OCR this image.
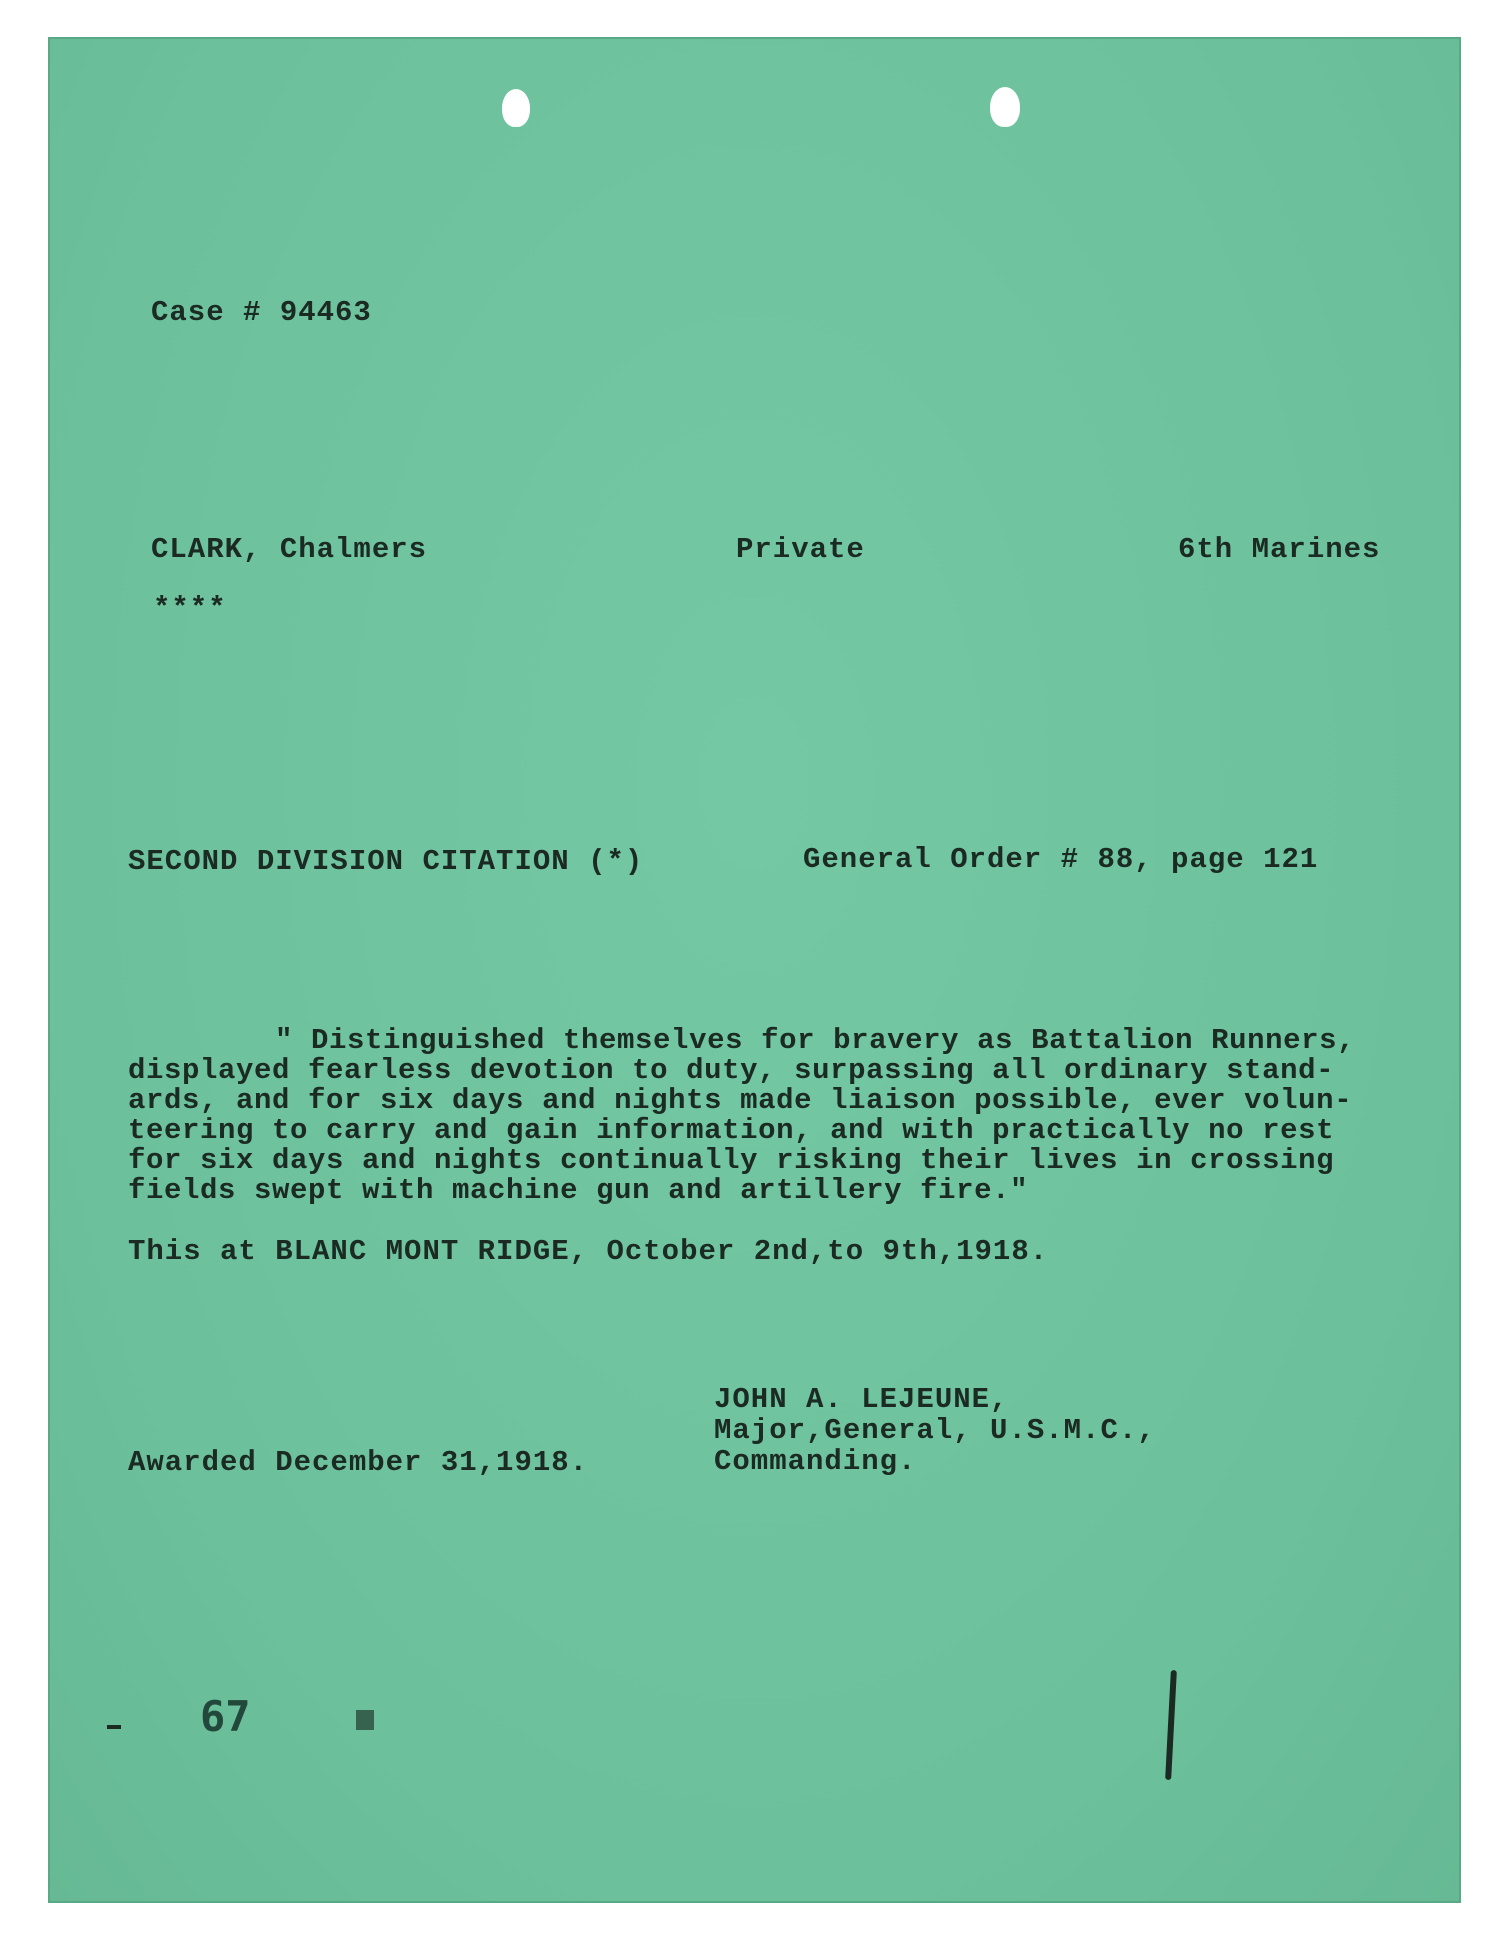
Case # 94463
CLARK, Chalmers	Private	6th Marines
****
SECOND DIVISION CITATION (*)	General Order # 88, page 121
" Distinguished themselves for bravery as Battalion Runners,
displayed fearless devotion to duty, surpassing all ordinary stand-
ards, and for six days and nights made liaison possible, ever volun-
teering to carry and gain information, and with practically no rest
for six days and nights continually risking their lives in crossing
fields swept with machine gun and artillery fire."
This at BLANC MONT RIDGE, October 2nd,to 9th,1918.
JOHN A. LEJEUNE,
Major,General, U.S.M.C.,
Commanding.
Awarded December 31,1918.
67
